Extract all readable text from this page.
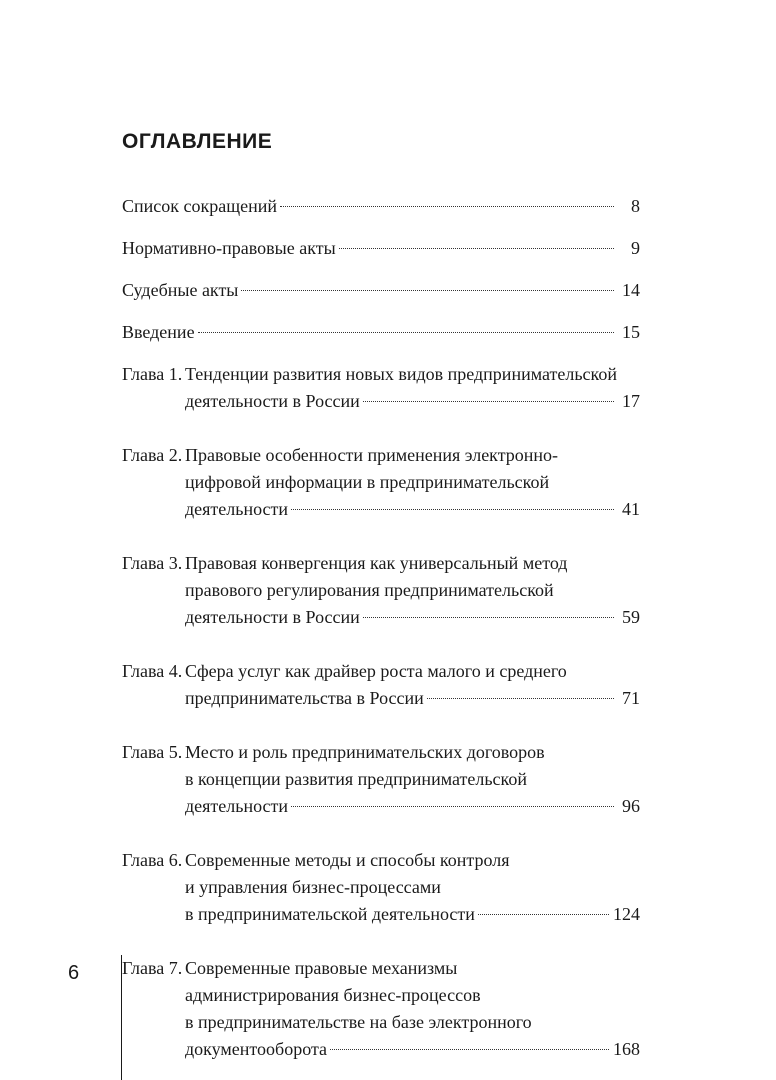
ОГЛАВЛЕНИЕ
Список сокращений	8
Нормативно-правовые акты	9
Судебные акты	14
Введение	15
Глава 1. Тенденции развития новых видов предпринимательской
деятельности в России	17
Глава 2. Правовые особенности применения электронно-
цифровой информации в предпринимательской
деятельности	41
Глава 3. Правовая конвергенция как универсальный метод
правового регулирования предпринимательской
деятельности в России	59
Глава 4. Сфера услуг как драйвер роста малого и среднего
предпринимательства в России	71
Глава 5. Место и роль предпринимательских договоров
в концепции развития предпринимательской
деятельности	96
Глава 6. Современные методы и способы контроля
и управления бизнес-процессами
в предпринимательской деятельности	124
Глава 7. Современные правовые механизмы
администрирования бизнес-процессов
в предпринимательстве на базе электронного
документооборота	168
6
